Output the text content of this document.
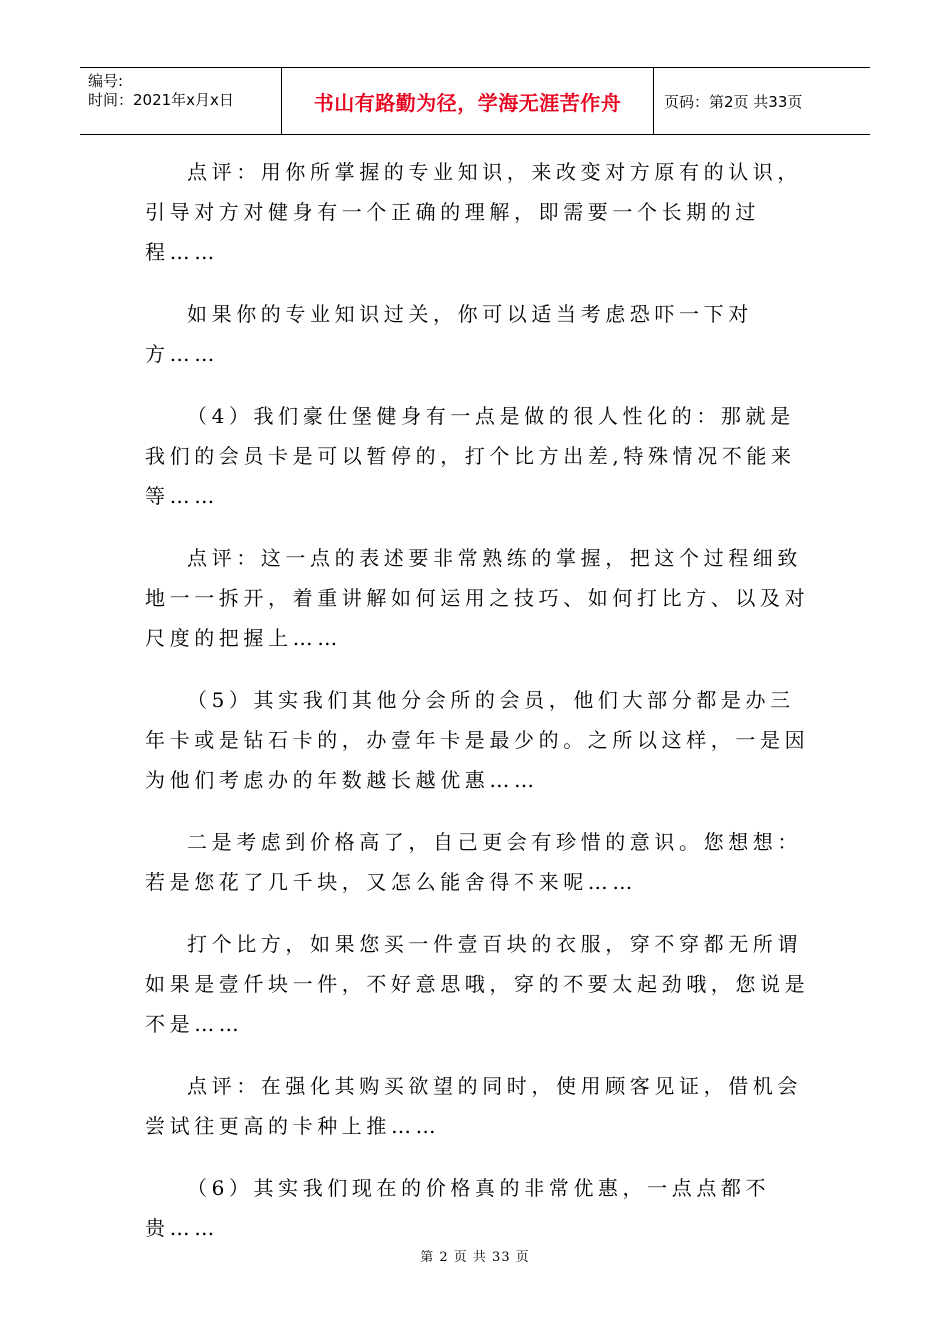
编号:
时间：2021年x月x日	书山有路勤为径，学海无涯苦作舟	页码：第2页 共33页

点评：用你所掌握的专业知识，来改变对方原有的认识，引导对方对健身有一个正确的理解，即需要一个长期的过程……

如果你的专业知识过关，你可以适当考虑恐吓一下对方……

（4）我们豪仕堡健身有一点是做的很人性化的：那就是我们的会员卡是可以暂停的，打个比方出差,特殊情况不能来等……

点评：这一点的表述要非常熟练的掌握，把这个过程细致地一一拆开，着重讲解如何运用之技巧、如何打比方、以及对尺度的把握上……

（5）其实我们其他分会所的会员，他们大部分都是办三年卡或是钻石卡的，办壹年卡是最少的。之所以这样，一是因为他们考虑办的年数越长越优惠……

二是考虑到价格高了，自己更会有珍惜的意识。您想想：若是您花了几千块，又怎么能舍得不来呢……

打个比方，如果您买一件壹百块的衣服，穿不穿都无所谓如果是壹仟块一件，不好意思哦，穿的不要太起劲哦，您说是不是……

点评：在强化其购买欲望的同时，使用顾客见证，借机会尝试往更高的卡种上推……

（6）其实我们现在的价格真的非常优惠，一点点都不贵……

第 2 页 共 33 页
